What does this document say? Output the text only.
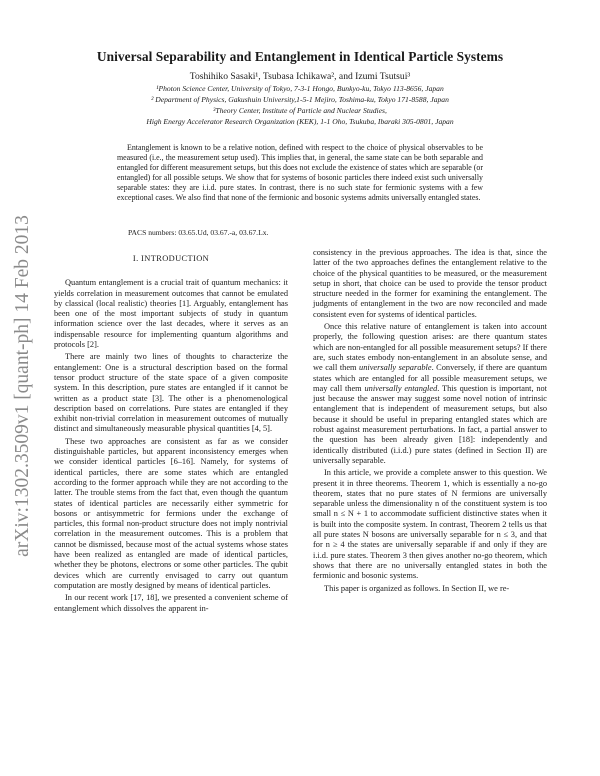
arXiv:1302.3509v1 [quant-ph] 14 Feb 2013
Universal Separability and Entanglement in Identical Particle Systems
Toshihiko Sasaki¹, Tsubasa Ichikawa², and Izumi Tsutsui³
¹Photon Science Center, University of Tokyo, 7-3-1 Hongo, Bunkyo-ku, Tokyo 113-8656, Japan
² Department of Physics, Gakushuin University,1-5-1 Mejiro, Toshima-ku, Tokyo 171-8588, Japan
³Theory Center, Institute of Particle and Nuclear Studies,
High Energy Accelerator Research Organization (KEK), 1-1 Oho, Tsukuba, Ibaraki 305-0801, Japan

Entanglement is known to be a relative notion, defined with respect to the choice of physical observables to be measured (i.e., the measurement setup used). This implies that, in general, the same state can be both separable and entangled for different measurement setups, but this does not exclude the existence of states which are separable (or entangled) for all possible setups. We show that for systems of bosonic particles there indeed exist such universally separable states: they are i.i.d. pure states. In contrast, there is no such state for fermionic systems with a few exceptional cases. We also find that none of the fermionic and bosonic systems admits universally entangled states.

PACS numbers: 03.65.Ud, 03.67.-a, 03.67.Lx.
I. INTRODUCTION

Quantum entanglement is a crucial trait of quantum mechanics: it yields correlation in measurement outcomes that cannot be emulated by classical (local realistic) theories [1]. Arguably, entanglement has been one of the most important subjects of study in quantum information science over the last decades, where it serves as an indispensable resource for implementing quantum algorithms and protocols [2].

There are mainly two lines of thoughts to characterize the entanglement: One is a structural description based on the formal tensor product structure of the state space of a given composite system. In this description, pure states are entangled if it cannot be written as a product state [3]. The other is a phenomenological description based on correlations. Pure states are entangled if they exhibit non-trivial correlation in measurement outcomes of mutually distinct and simultaneously measurable physical quantities [4, 5].

These two approaches are consistent as far as we consider distinguishable particles, but apparent inconsistency emerges when we consider identical particles [6–16]. Namely, for systems of identical particles, there are some states which are entangled according to the former approach while they are not according to the latter. The trouble stems from the fact that, even though the quantum states of identical particles are necessarily either symmetric for bosons or antisymmetric for fermions under the exchange of particles, this formal non-product structure does not imply nontrivial correlation in the measurement outcomes. This is a problem that cannot be dismissed, because most of the actual systems whose states have been realized as entangled are made of identical particles, whether they be photons, electrons or some other particles. The qubit devices which are currently envisaged to carry out quantum computation are mostly designed by means of identical particles.

In our recent work [17, 18], we presented a convenient scheme of entanglement which dissolves the apparent in-

consistency in the previous approaches. The idea is that, since the latter of the two approaches defines the entanglement relative to the choice of the physical quantities to be measured, or the measurement setup in short, that choice can be used to provide the tensor product structure needed in the former for examining the entanglement. The judgments of entanglement in the two are now reconciled and made consistent even for systems of identical particles.

Once this relative nature of entanglement is taken into account properly, the following question arises: are there quantum states which are non-entangled for all possible measurement setups? If there are, such states embody non-entanglement in an absolute sense, and we call them universally separable. Conversely, if there are quantum states which are entangled for all possible measurement setups, we may call them universally entangled. This question is important, not just because the answer may suggest some novel notion of intrinsic entanglement that is independent of measurement setups, but also because it should be useful in preparing entangled states which are robust against measurement perturbations. In fact, a partial answer to the question has been already given [18]: independently and identically distributed (i.i.d.) pure states (defined in Section II) are universally separable.

In this article, we provide a complete answer to this question. We present it in three theorems. Theorem 1, which is essentially a no-go theorem, states that no pure states of N fermions are universally separable unless the dimensionality n of the constituent system is too small n ≤ N + 1 to accommodate sufficient distinctive states when it is built into the composite system. In contrast, Theorem 2 tells us that all pure states N bosons are universally separable for n ≤ 3, and that for n ≥ 4 the states are universally separable if and only if they are i.i.d. pure states. Theorem 3 then gives another no-go theorem, which shows that there are no universally entangled states in both the fermionic and bosonic systems.

This paper is organized as follows. In Section II, we re-
